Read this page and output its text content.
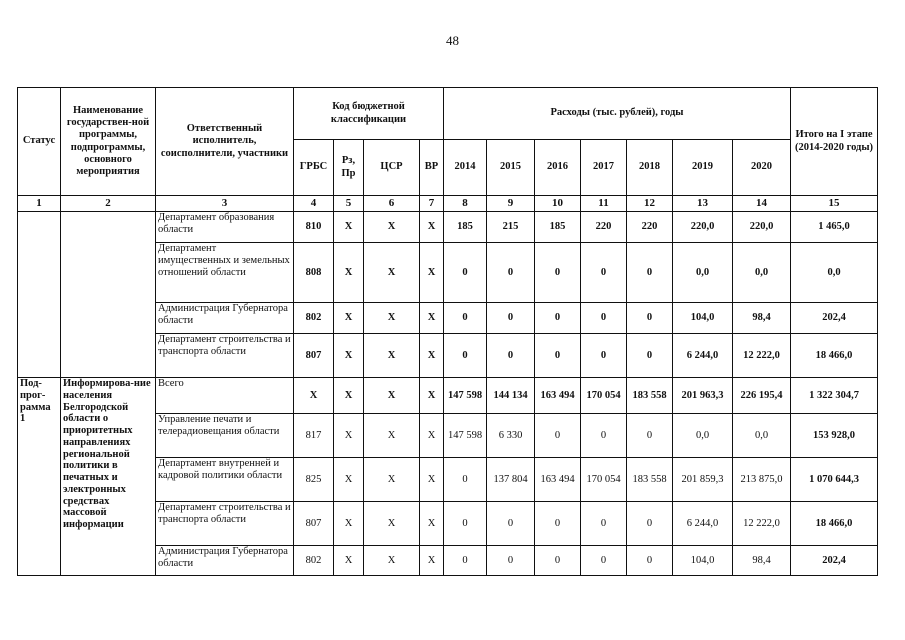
48
Статус	Наименование государствен-ной программы, подпрограммы, основного мероприятия	Ответственный исполнитель, соисполнители, участники	Код бюджетной классификации				Расходы (тыс. рублей), годы							Итого на I этапе (2014-2020 годы)
			ГРБС	Рз, Пр	ЦСР	ВР	2014	2015	2016	2017	2018	2019	2020	
1	2	3	4	5	6	7	8	9	10	11	12	13	14	15
		Департамент образования области	810	X	X	X	185	215	185	220	220	220,0	220,0	1 465,0
		Департамент имущественных и земельных отношений области	808	X	X	X	0	0	0	0	0	0,0	0,0	0,0
		Администрация Губернатора области	802	X	X	X	0	0	0	0	0	104,0	98,4	202,4
		Департамент строительства и транспорта области	807	X	X	X	0	0	0	0	0	6 244,0	12 222,0	18 466,0
Под-прог-рамма 1	Информирова-ние населения Белгородской области о приоритетных направлениях региональной политики в печатных и электронных средствах массовой информации	Всего	X	X	X	X	147 598	144 134	163 494	170 054	183 558	201 963,3	226 195,4	1 322 304,7
		Управление печати и телерадиовещания области	817	X	X	X	147 598	6 330	0	0	0	0,0	0,0	153 928,0
		Департамент внутренней и кадровой политики области	825	X	X	X	0	137 804	163 494	170 054	183 558	201 859,3	213 875,0	1 070 644,3
		Департамент строительства и транспорта области	807	X	X	X	0	0	0	0	0	6 244,0	12 222,0	18 466,0
		Администрация Губернатора области	802	X	X	X	0	0	0	0	0	104,0	98,4	202,4
